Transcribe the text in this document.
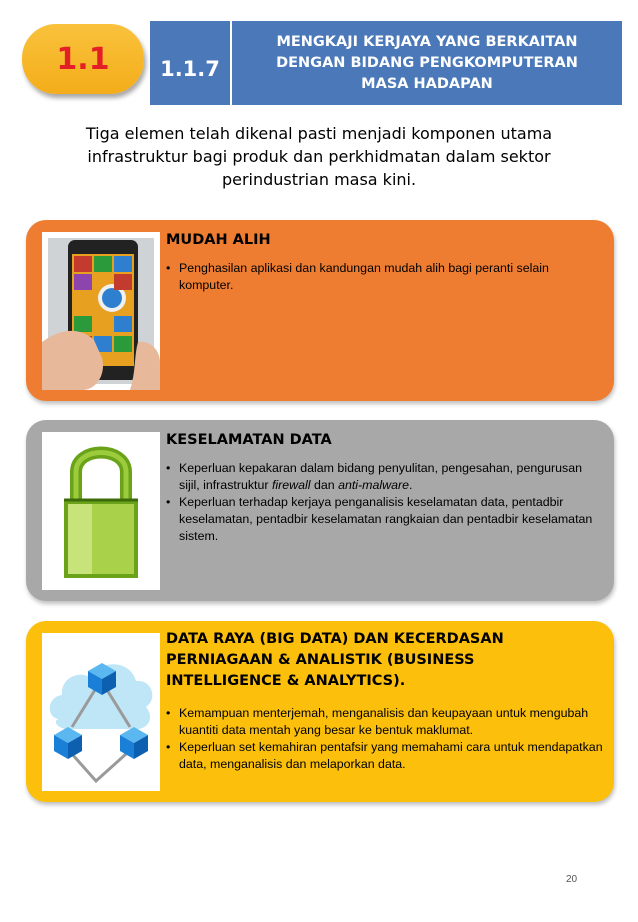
1.1 1.1.7
MENGKAJI KERJAYA YANG BERKAITAN DENGAN BIDANG PENGKOMPUTERAN MASA HADAPAN
Tiga elemen telah dikenal pasti menjadi komponen utama infrastruktur bagi produk dan perkhidmatan dalam sektor perindustrian masa kini.
MUDAH ALIH
• Penghasilan aplikasi dan kandungan mudah alih bagi peranti selain komputer.
KESELAMATAN DATA
• Keperluan kepakaran dalam bidang penyulitan, pengesahan, pengurusan sijil, infrastruktur firewall dan anti-malware.
• Keperluan terhadap kerjaya penganalisis keselamatan data, pentadbir keselamatan, pentadbir keselamatan rangkaian dan pentadbir keselamatan sistem.
DATA RAYA (BIG DATA) DAN KECERDASAN PERNIAGAAN & ANALISTIK (BUSINESS INTELLIGENCE & ANALYTICS).
• Kemampuan menterjemah, menganalisis dan keupayaan untuk mengubah kuantiti data mentah yang besar ke bentuk maklumat.
• Keperluan set kemahiran pentafsir yang memahami cara untuk mendapatkan data, menganalisis dan melaporkan data.
20
